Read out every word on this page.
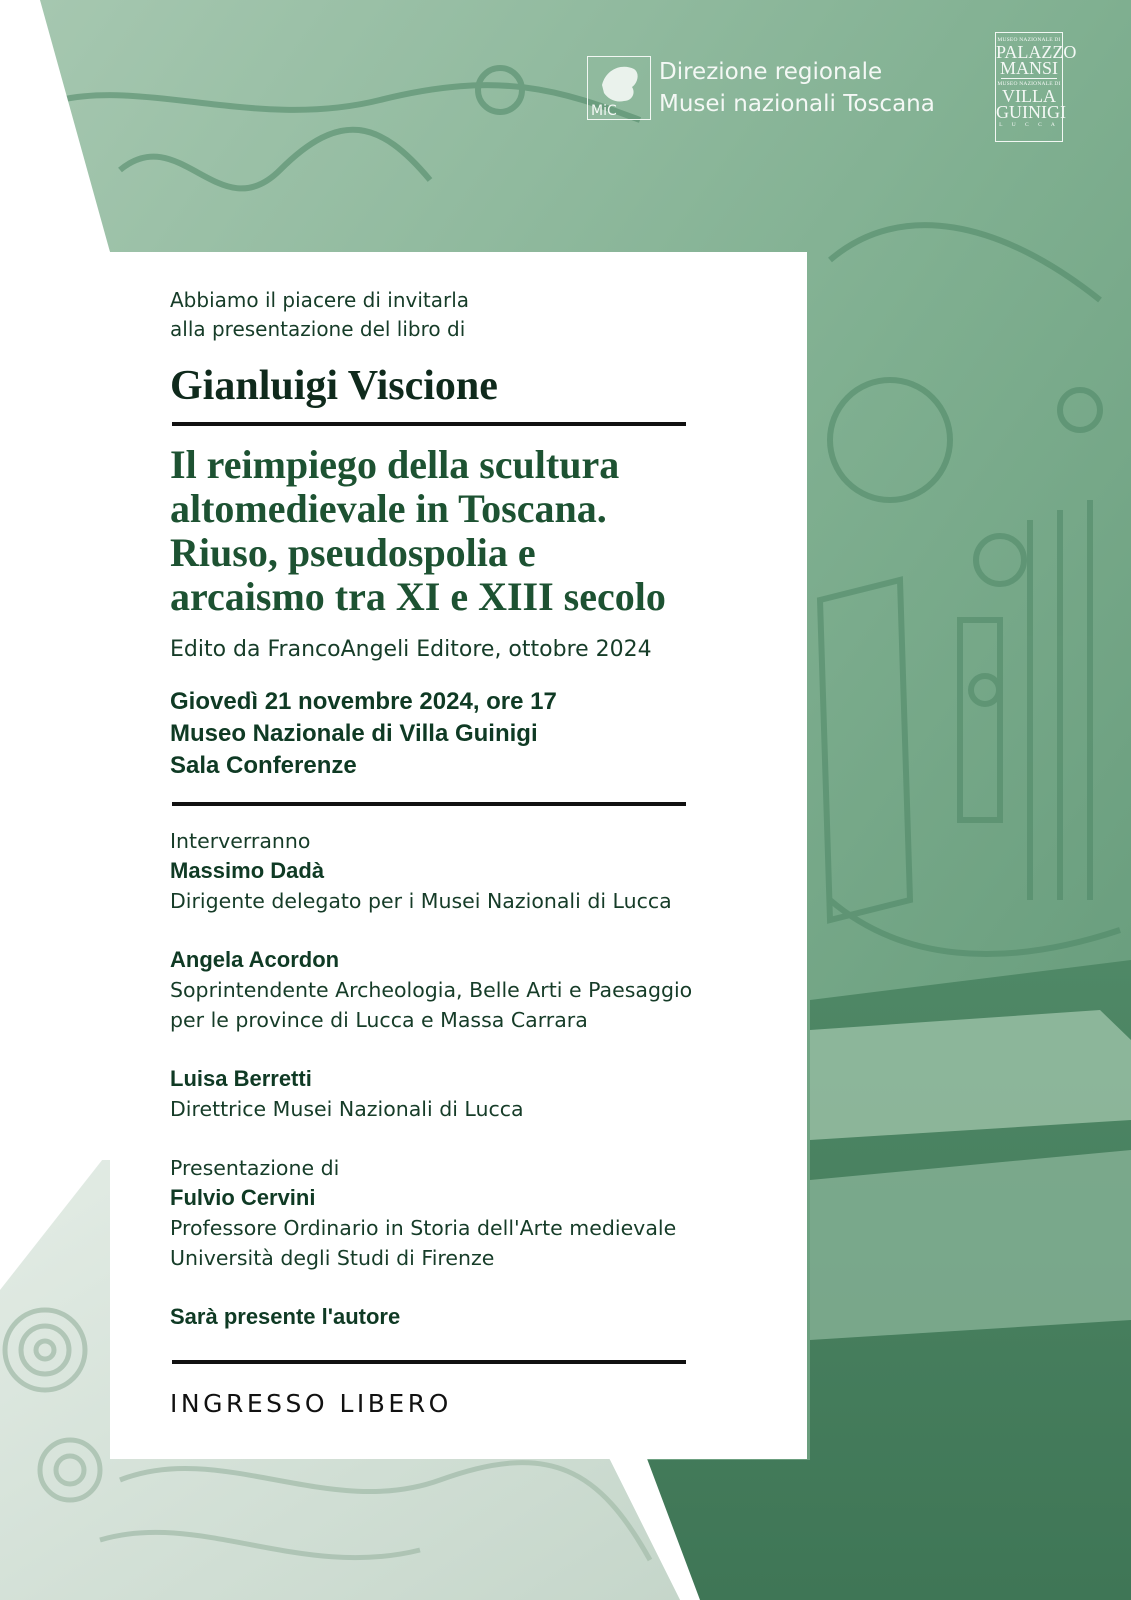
MiC
Direzione regionale
Musei nazionali Toscana
MUSEO NAZIONALE DI
PALAZZO
MANSI
MUSEO NAZIONALE DI
VILLA
GUINIGI
L U C C A
Abbiamo il piacere di invitarla
alla presentazione del libro di
Gianluigi Viscione
Il reimpiego della scultura
altomedievale in Toscana.
Riuso, pseudospolia e
arcaismo tra XI e XIII secolo
Edito da FrancoAngeli Editore, ottobre 2024
Giovedì 21 novembre 2024, ore 17
Museo Nazionale di Villa Guinigi
Sala Conferenze
Interverranno
Massimo Dadà
Dirigente delegato per i Musei Nazionali di Lucca
Angela Acordon
Soprintendente Archeologia, Belle Arti e Paesaggio
per le province di Lucca e Massa Carrara
Luisa Berretti
Direttrice Musei Nazionali di Lucca
Presentazione di
Fulvio Cervini
Professore Ordinario in Storia dell'Arte medievale
Università degli Studi di Firenze
Sarà presente l'autore
INGRESSO LIBERO
